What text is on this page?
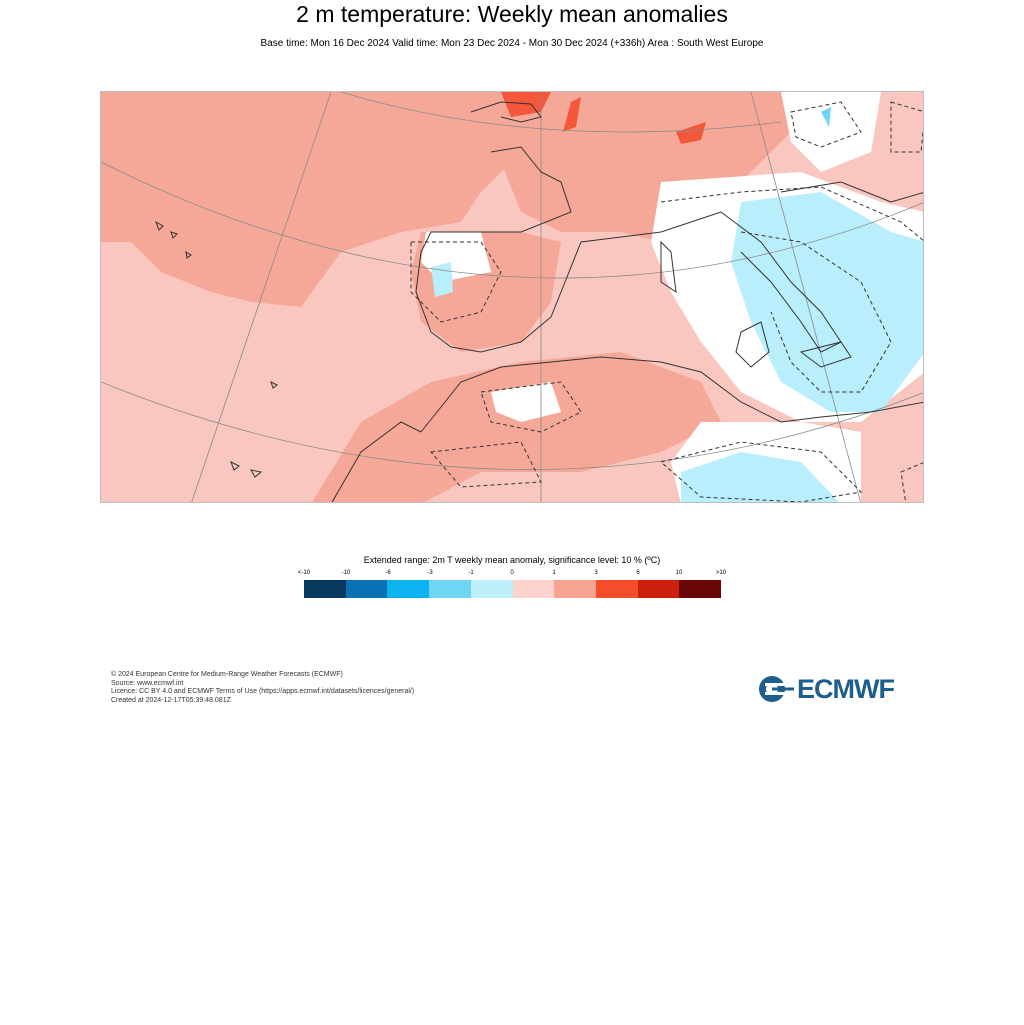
2 m temperature: Weekly mean anomalies
Base time: Mon 16 Dec 2024 Valid time: Mon 23 Dec 2024 - Mon 30 Dec 2024 (+336h) Area : South West Europe
Extended range: 2m T weekly mean anomaly, significance level: 10 % (ºC)
<-10	-10	-6	-3	-1	0	1	3	6	10	>10
© 2024 European Centre for Medium-Range Weather Forecasts (ECMWF)
Source: www.ecmwf.int
Licence: CC BY 4.0 and ECMWF Terms of Use (https://apps.ecmwf.int/datasets/licences/general/)
Created at 2024-12-17T05:39:48.081Z	ECMWF
